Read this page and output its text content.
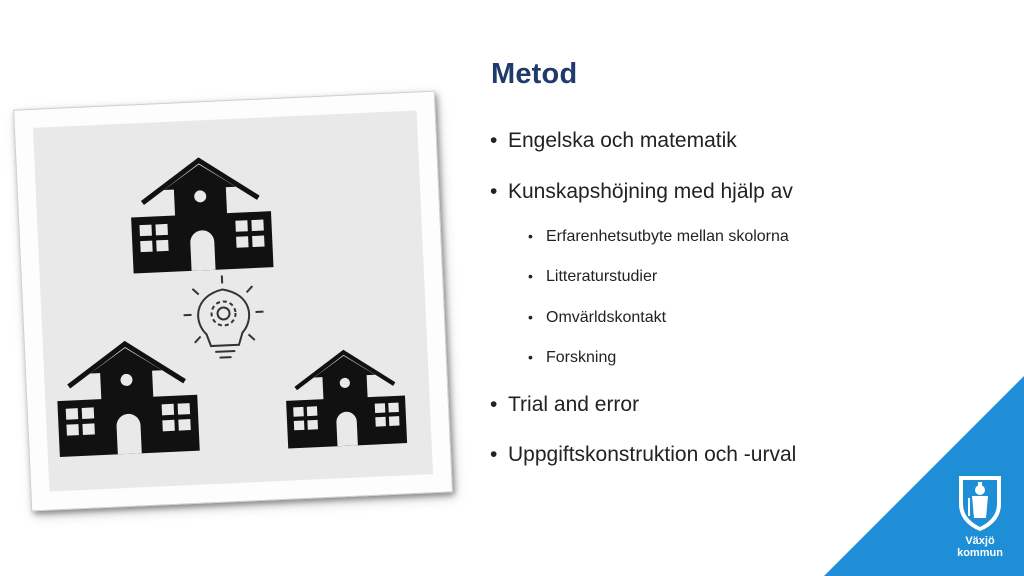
Metod
• Engelska och matematik
• Kunskapshöjning med hjälp av
• Erfarenhetsutbyte mellan skolorna
• Litteraturstudier
• Omvärldskontakt
• Forskning
• Trial and error
• Uppgiftskonstruktion och -urval
Växjö
kommun
